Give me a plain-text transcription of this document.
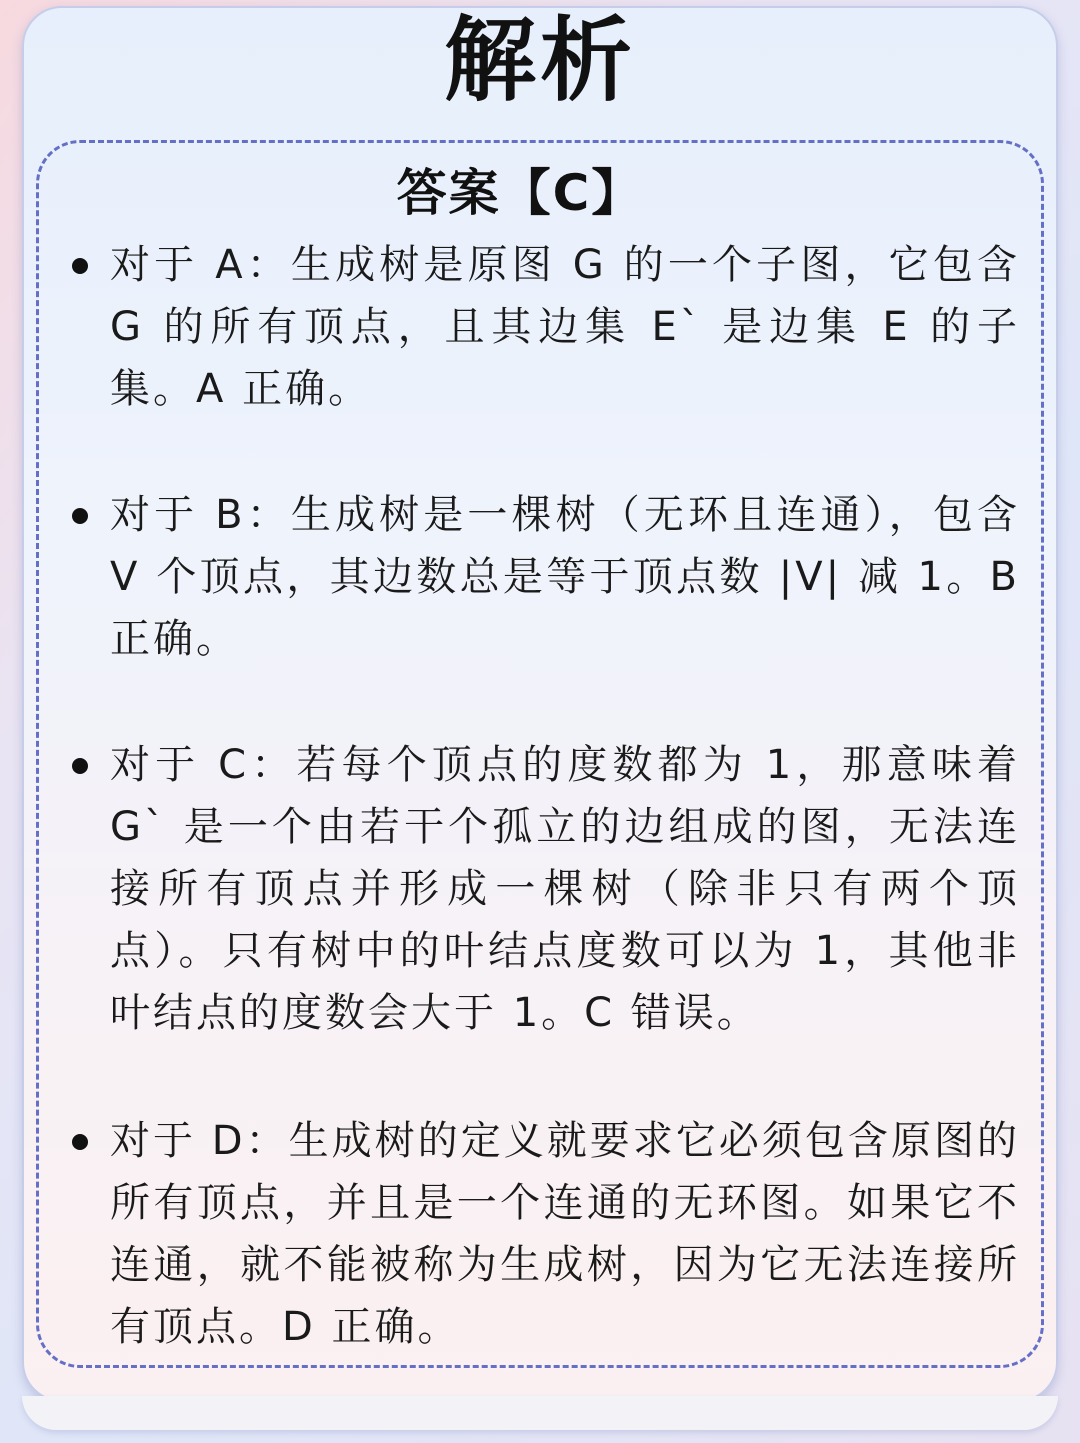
解析
答案【C】
对于 A：生成树是原图 G 的一个子图，它包含 G 的所有顶点，且其边集 E` 是边集 E 的子集。A 正确。
对于 B：生成树是一棵树（无环且连通），包含 V 个顶点，其边数总是等于顶点数 |V| 减 1。B 正确。
对于 C：若每个顶点的度数都为 1，那意味着 G` 是一个由若干个孤立的边组成的图，无法连接所有顶点并形成一棵树（除非只有两个顶点）。只有树中的叶结点度数可以为 1，其他非叶结点的度数会大于 1。C 错误。
对于 D：生成树的定义就要求它必须包含原图的所有顶点，并且是一个连通的无环图。如果它不连通，就不能被称为生成树，因为它无法连接所有顶点。D 正确。
